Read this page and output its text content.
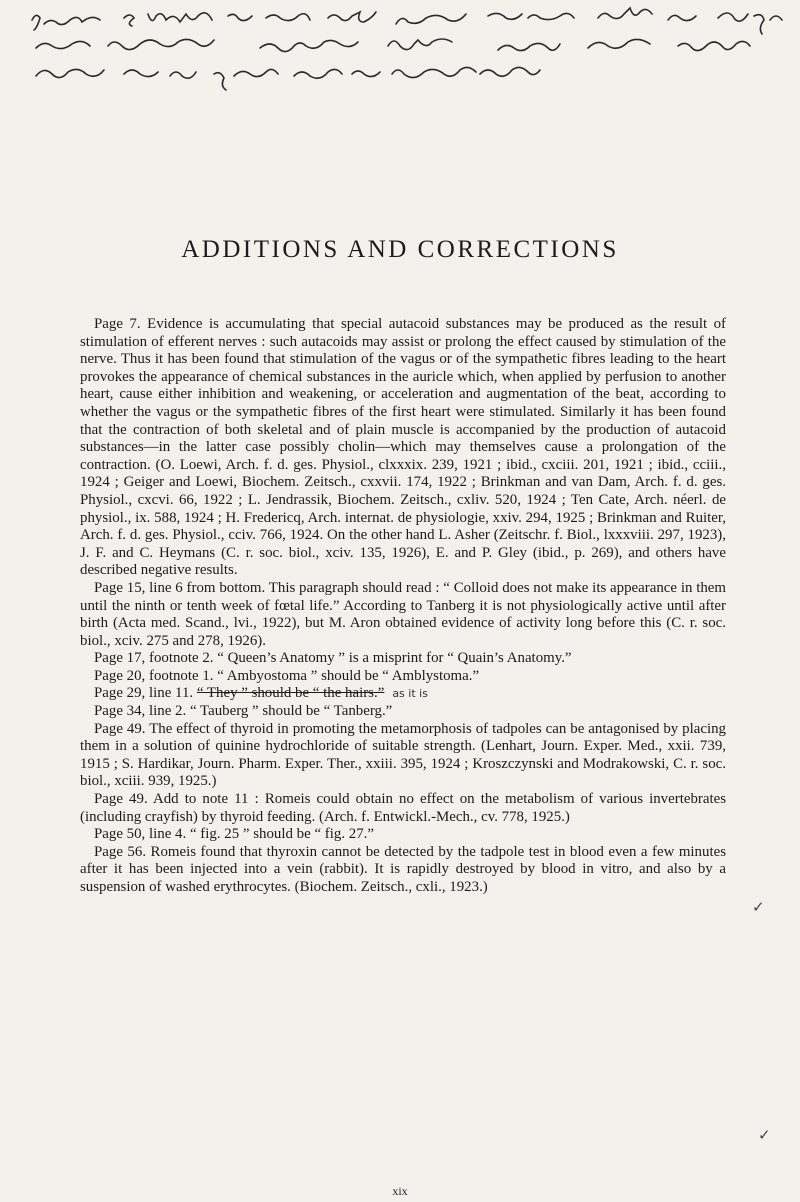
ADDITIONS AND CORRECTIONS

Page 7. Evidence is accumulating that special autacoid substances may be produced as the result of stimulation of efferent nerves : such autacoids may assist or prolong the effect caused by stimulation of the nerve. Thus it has been found that stimulation of the vagus or of the sympathetic fibres leading to the heart provokes the appearance of chemical substances in the auricle which, when applied by perfusion to another heart, cause either inhibition and weakening, or acceleration and augmentation of the beat, according to whether the vagus or the sympathetic fibres of the first heart were stimulated. Similarly it has been found that the contraction of both skeletal and of plain muscle is accompanied by the production of autacoid substances—in the latter case possibly cholin—which may themselves cause a prolongation of the contraction. (O. Loewi, Arch. f. d. ges. Physiol., clxxxix. 239, 1921 ; ibid., cxciii. 201, 1921 ; ibid., cciii., 1924 ; Geiger and Loewi, Biochem. Zeitsch., cxxvii. 174, 1922 ; Brinkman and van Dam, Arch. f. d. ges. Physiol., cxcvi. 66, 1922 ; L. Jendrassik, Biochem. Zeitsch., cxliv. 520, 1924 ; Ten Cate, Arch. néerl. de physiol., ix. 588, 1924 ; H. Fredericq, Arch. internat. de physiologie, xxiv. 294, 1925 ; Brinkman and Ruiter, Arch. f. d. ges. Physiol., cciv. 766, 1924. On the other hand L. Asher (Zeitschr. f. Biol., lxxxviii. 297, 1923), J. F. and C. Heymans (C. r. soc. biol., xciv. 135, 1926), E. and P. Gley (ibid., p. 269), and others have described negative results.

Page 15, line 6 from bottom. This paragraph should read : “ Colloid does not make its appearance in them until the ninth or tenth week of fœtal life.” According to Tanberg it is not physiologically active until after birth (Acta med. Scand., lvi., 1922), but M. Aron obtained evidence of activity long before this (C. r. soc. biol., xciv. 275 and 278, 1926).

Page 17, footnote 2. “ Queen’s Anatomy ” is a misprint for “ Quain’s Anatomy.”

Page 20, footnote 1. “ Ambyostoma ” should be “ Amblystoma.”

Page 29, line 11. “ They ” should be “ the hairs.” as it is

Page 34, line 2. “ Tauberg ” should be “ Tanberg.”

Page 49. The effect of thyroid in promoting the metamorphosis of tadpoles can be antagonised by placing them in a solution of quinine hydrochloride of suitable strength. (Lenhart, Journ. Exper. Med., xxii. 739, 1915 ; S. Hardikar, Journ. Pharm. Exper. Ther., xxiii. 395, 1924 ; Kroszczynski and Modrakowski, C. r. soc. biol., xciii. 939, 1925.)

Page 49. Add to note 11 : Romeis could obtain no effect on the metabolism of various invertebrates (including crayfish) by thyroid feeding. (Arch. f. Entwickl.-Mech., cv. 778, 1925.)

Page 50, line 4. “ fig. 25 ” should be “ fig. 27.”

Page 56. Romeis found that thyroxin cannot be detected by the tadpole test in blood even a few minutes after it has been injected into a vein (rabbit). It is rapidly destroyed by blood in vitro, and also by a suspension of washed erythrocytes. (Biochem. Zeitsch., cxli., 1923.)

✓
✓
xix
